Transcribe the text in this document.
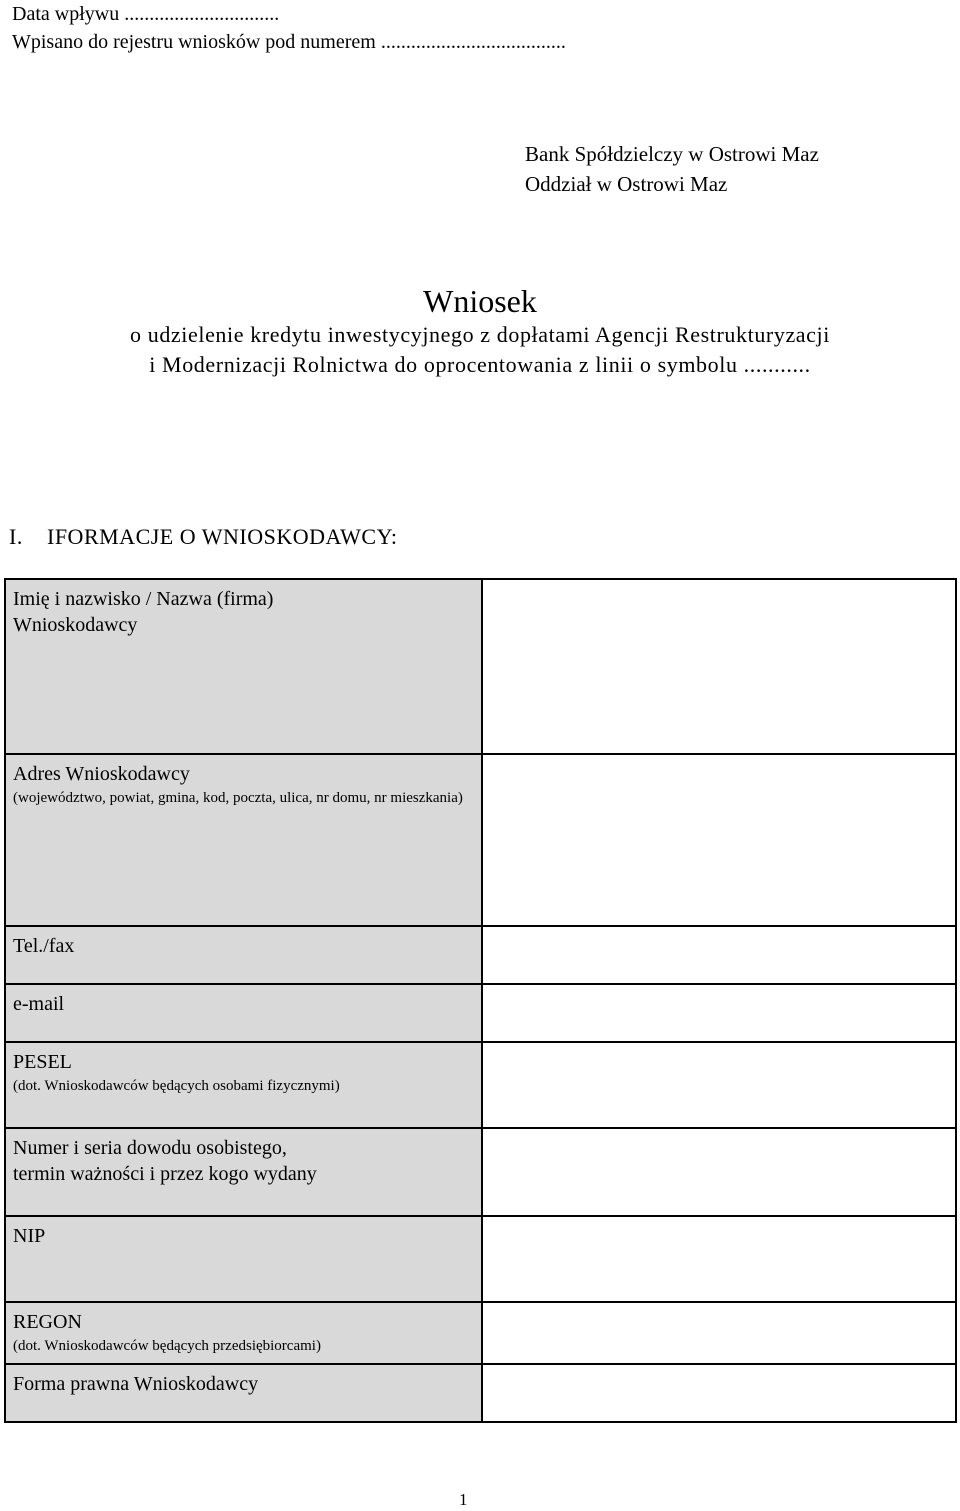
Data wpływu ...............................
Wpisano do rejestru wniosków pod numerem .....................................
Bank Spółdzielczy w Ostrowi Maz
Oddział w Ostrowi Maz
Wniosek
o udzielenie kredytu inwestycyjnego z dopłatami Agencji Restrukturyzacji
i Modernizacji Rolnictwa do oprocentowania z linii o symbolu ...........
I. IFORMACJE O WNIOSKODAWCY:
Imię i nazwisko / Nazwa (firma)
Wnioskodawcy	

Adres Wnioskodawcy
(województwo, powiat, gmina, kod, poczta, ulica, nr domu, nr mieszkania)	

Tel./fax	

e-mail	

PESEL
(dot. Wnioskodawców będących osobami fizycznymi)	

Numer i seria dowodu osobistego,
termin ważności i przez kogo wydany	

NIP	

REGON
(dot. Wnioskodawców będących przedsiębiorcami)	

Forma prawna Wnioskodawcy	

1
